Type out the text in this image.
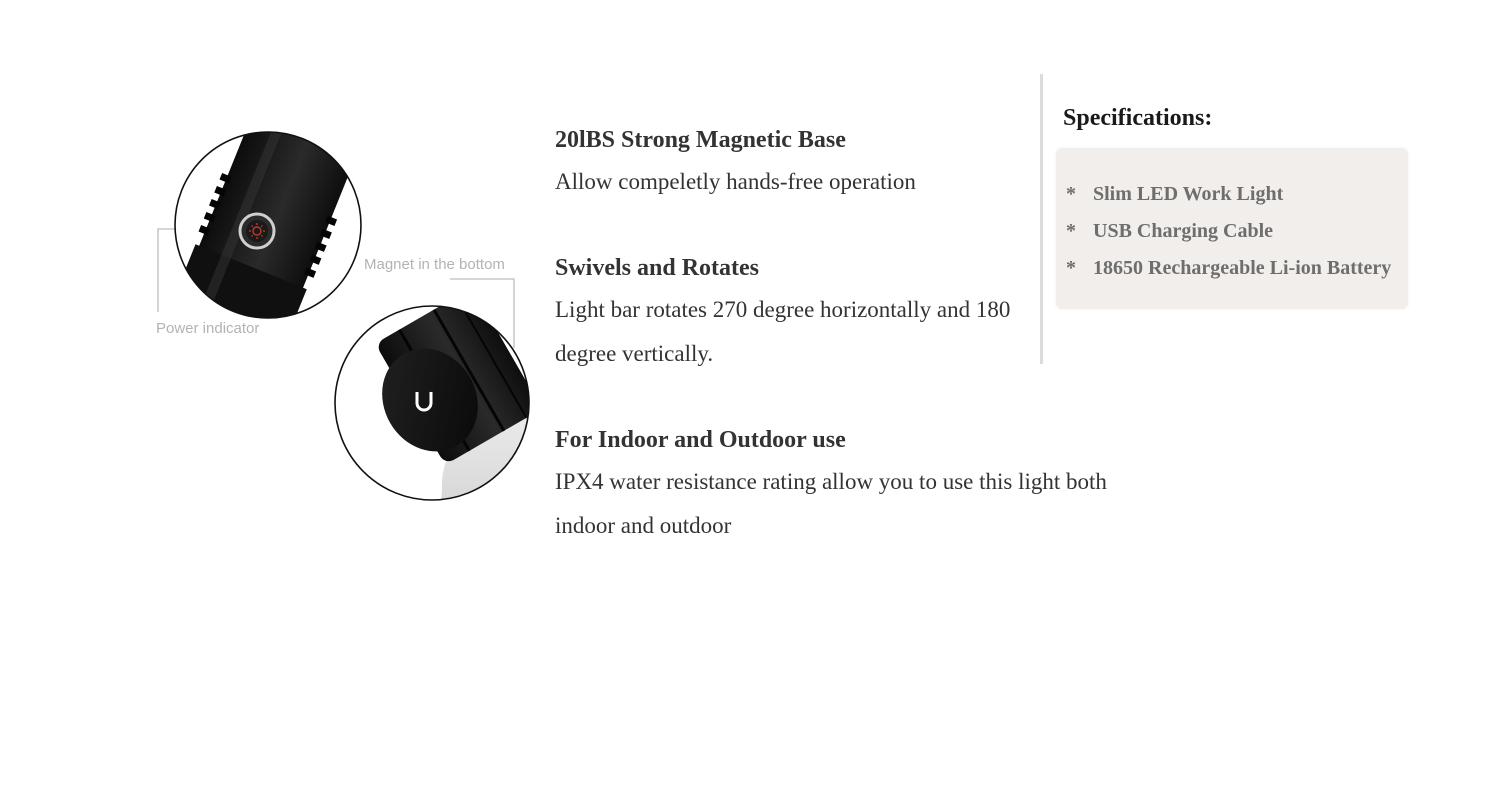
Power indicator
Magnet in the bottom
20lBS Strong Magnetic Base
Allow compeletly hands-free operation
Swivels and Rotates
Light bar rotates 270 degree horizontally and 180 degree vertically.
For Indoor and Outdoor use
IPX4 water resistance rating allow you to use this light both indoor and outdoor
Specifications:
* Slim LED Work Light
* USB Charging Cable
* 18650 Rechargeable Li-ion Battery
